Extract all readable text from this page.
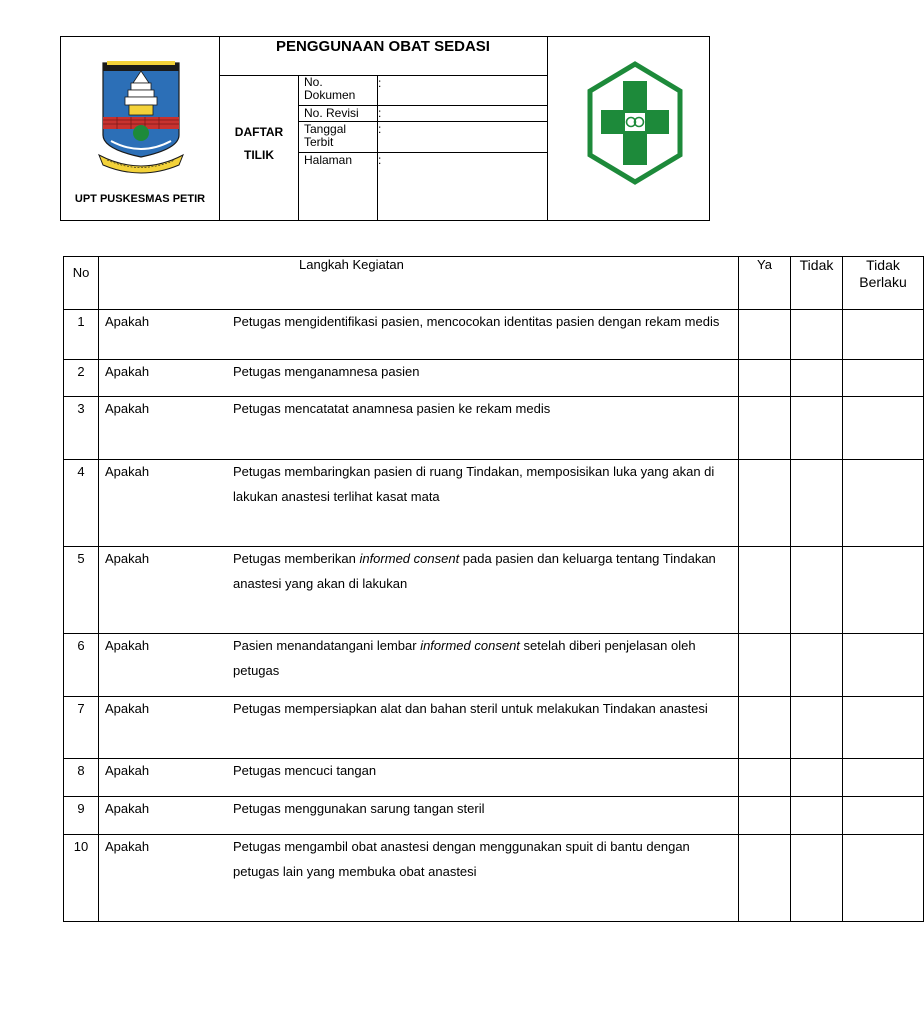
PENGGUNAAN OBAT SEDASI
UPT PUSKESMAS PETIR
DAFTAR
TILIK
No. Dokumen
:
No. Revisi :
Tanggal Terbit
:
Halaman :
No	Langkah Kegiatan	Ya	Tidak	Tidak Berlaku
1	Apakah Petugas mengidentifikasi pasien, mencocokan identitas pasien dengan rekam medis			

2	Apakah Petugas menganamnesa pasien			

3	Apakah Petugas mencatatat anamnesa pasien ke rekam medis			

4	Apakah Petugas membaringkan pasien di ruang Tindakan, memposisikan luka yang akan di lakukan anastesi terlihat kasat mata			

5	Apakah Petugas memberikan informed consent pada pasien dan keluarga tentang Tindakan anastesi yang akan di lakukan			

6	Apakah Pasien menandatangani lembar informed consent setelah diberi penjelasan oleh petugas			

7	Apakah Petugas mempersiapkan alat dan bahan steril untuk melakukan Tindakan anastesi			

8	Apakah Petugas mencuci tangan			

9	Apakah Petugas menggunakan sarung tangan steril			

10	Apakah Petugas mengambil obat anastesi dengan menggunakan spuit di bantu dengan petugas lain yang membuka obat anastesi			
